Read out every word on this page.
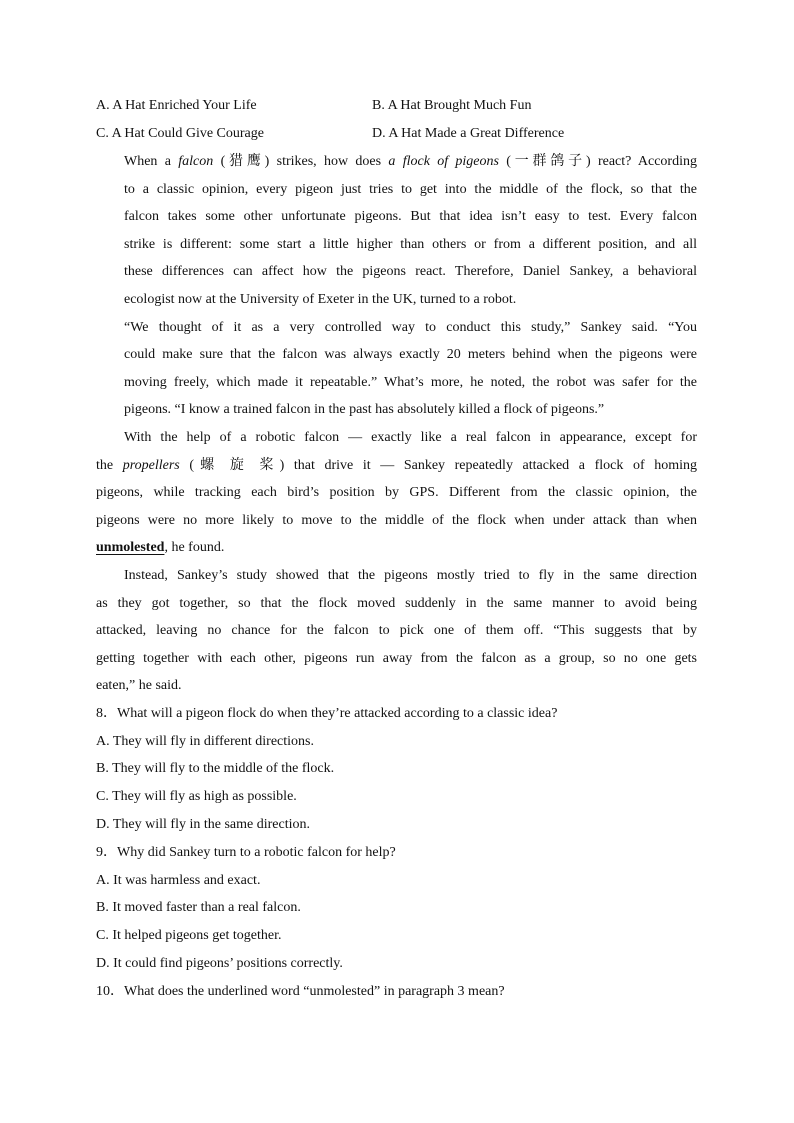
A. A Hat Enriched Your Life	B. A Hat Brought Much Fun
C. A Hat Could Give Courage	D. A Hat Made a Great Difference
When a falcon (猎鹰) strikes, how does a flock of pigeons (一群鸽子) react? According
to a classic opinion, every pigeon just tries to get into the middle of the flock, so that the
falcon takes some other unfortunate pigeons. But that idea isn’t easy to test. Every falcon
strike is different: some start a little higher than others or from a different position, and all
these differences can affect how the pigeons react. Therefore, Daniel Sankey, a behavioral
ecologist now at the University of Exeter in the UK, turned to a robot.
“We thought of it as a very controlled way to conduct this study,” Sankey said. “You
could make sure that the falcon was always exactly 20 meters behind when the pigeons were
moving freely, which made it repeatable.” What’s more, he noted, the robot was safer for the
pigeons. “I know a trained falcon in the past has absolutely killed a flock of pigeons.”
With the help of a robotic falcon — exactly like a real falcon in appearance, except for
the propellers (螺 旋 桨) that drive it — Sankey repeatedly attacked a flock of homing
pigeons, while tracking each bird’s position by GPS. Different from the classic opinion, the
pigeons were no more likely to move to the middle of the flock when under attack than when
unmolested, he found.
Instead, Sankey’s study showed that the pigeons mostly tried to fly in the same direction
as they got together, so that the flock moved suddenly in the same manner to avoid being
attacked, leaving no chance for the falcon to pick one of them off. “This suggests that by
getting together with each other, pigeons run away from the falcon as a group, so no one gets
eaten,” he said.
8．What will a pigeon flock do when they’re attacked according to a classic idea?
A. They will fly in different directions.
B. They will fly to the middle of the flock.
C. They will fly as high as possible.
D. They will fly in the same direction.
9．Why did Sankey turn to a robotic falcon for help?
A. It was harmless and exact.
B. It moved faster than a real falcon.
C. It helped pigeons get together.
D. It could find pigeons’ positions correctly.
10．What does the underlined word “unmolested” in paragraph 3 mean?
